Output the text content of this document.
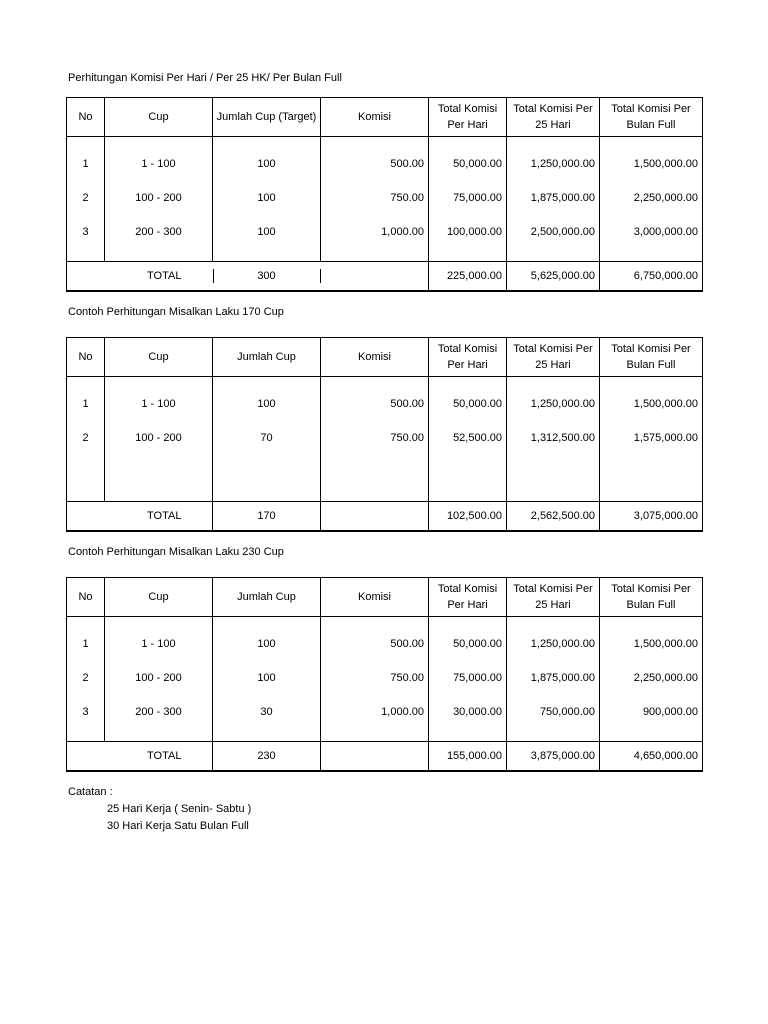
Perhitungan Komisi Per Hari / Per 25 HK/ Per Bulan Full
No	Cup	Jumlah Cup (Target)	Komisi	Total Komisi Per Hari	Total Komisi Per 25 Hari	Total Komisi Per Bulan Full

1	1 - 100	100	500.00	50,000.00	1,250,000.00	1,500,000.00
2	100 - 200	100	750.00	75,000.00	1,875,000.00	2,250,000.00
3	200 - 300	100	1,000.00	100,000.00	2,500,000.00	3,000,000.00

TOTAL		300		225,000.00	5,625,000.00	6,750,000.00
Contoh Perhitungan Misalkan Laku 170 Cup
No	Cup	Jumlah Cup	Komisi	Total Komisi Per Hari	Total Komisi Per 25 Hari	Total Komisi Per Bulan Full

1	1 - 100	100	500.00	50,000.00	1,250,000.00	1,500,000.00
2	100 - 200	70	750.00	52,500.00	1,312,500.00	1,575,000.00

TOTAL		170		102,500.00	2,562,500.00	3,075,000.00
Contoh Perhitungan Misalkan Laku 230 Cup
No	Cup	Jumlah Cup	Komisi	Total Komisi Per Hari	Total Komisi Per 25 Hari	Total Komisi Per Bulan Full

1	1 - 100	100	500.00	50,000.00	1,250,000.00	1,500,000.00
2	100 - 200	100	750.00	75,000.00	1,875,000.00	2,250,000.00
3	200 - 300	30	1,000.00	30,000.00	750,000.00	900,000.00

TOTAL		230		155,000.00	3,875,000.00	4,650,000.00
Catatan :
25 Hari Kerja ( Senin- Sabtu )
30 Hari Kerja Satu Bulan Full
